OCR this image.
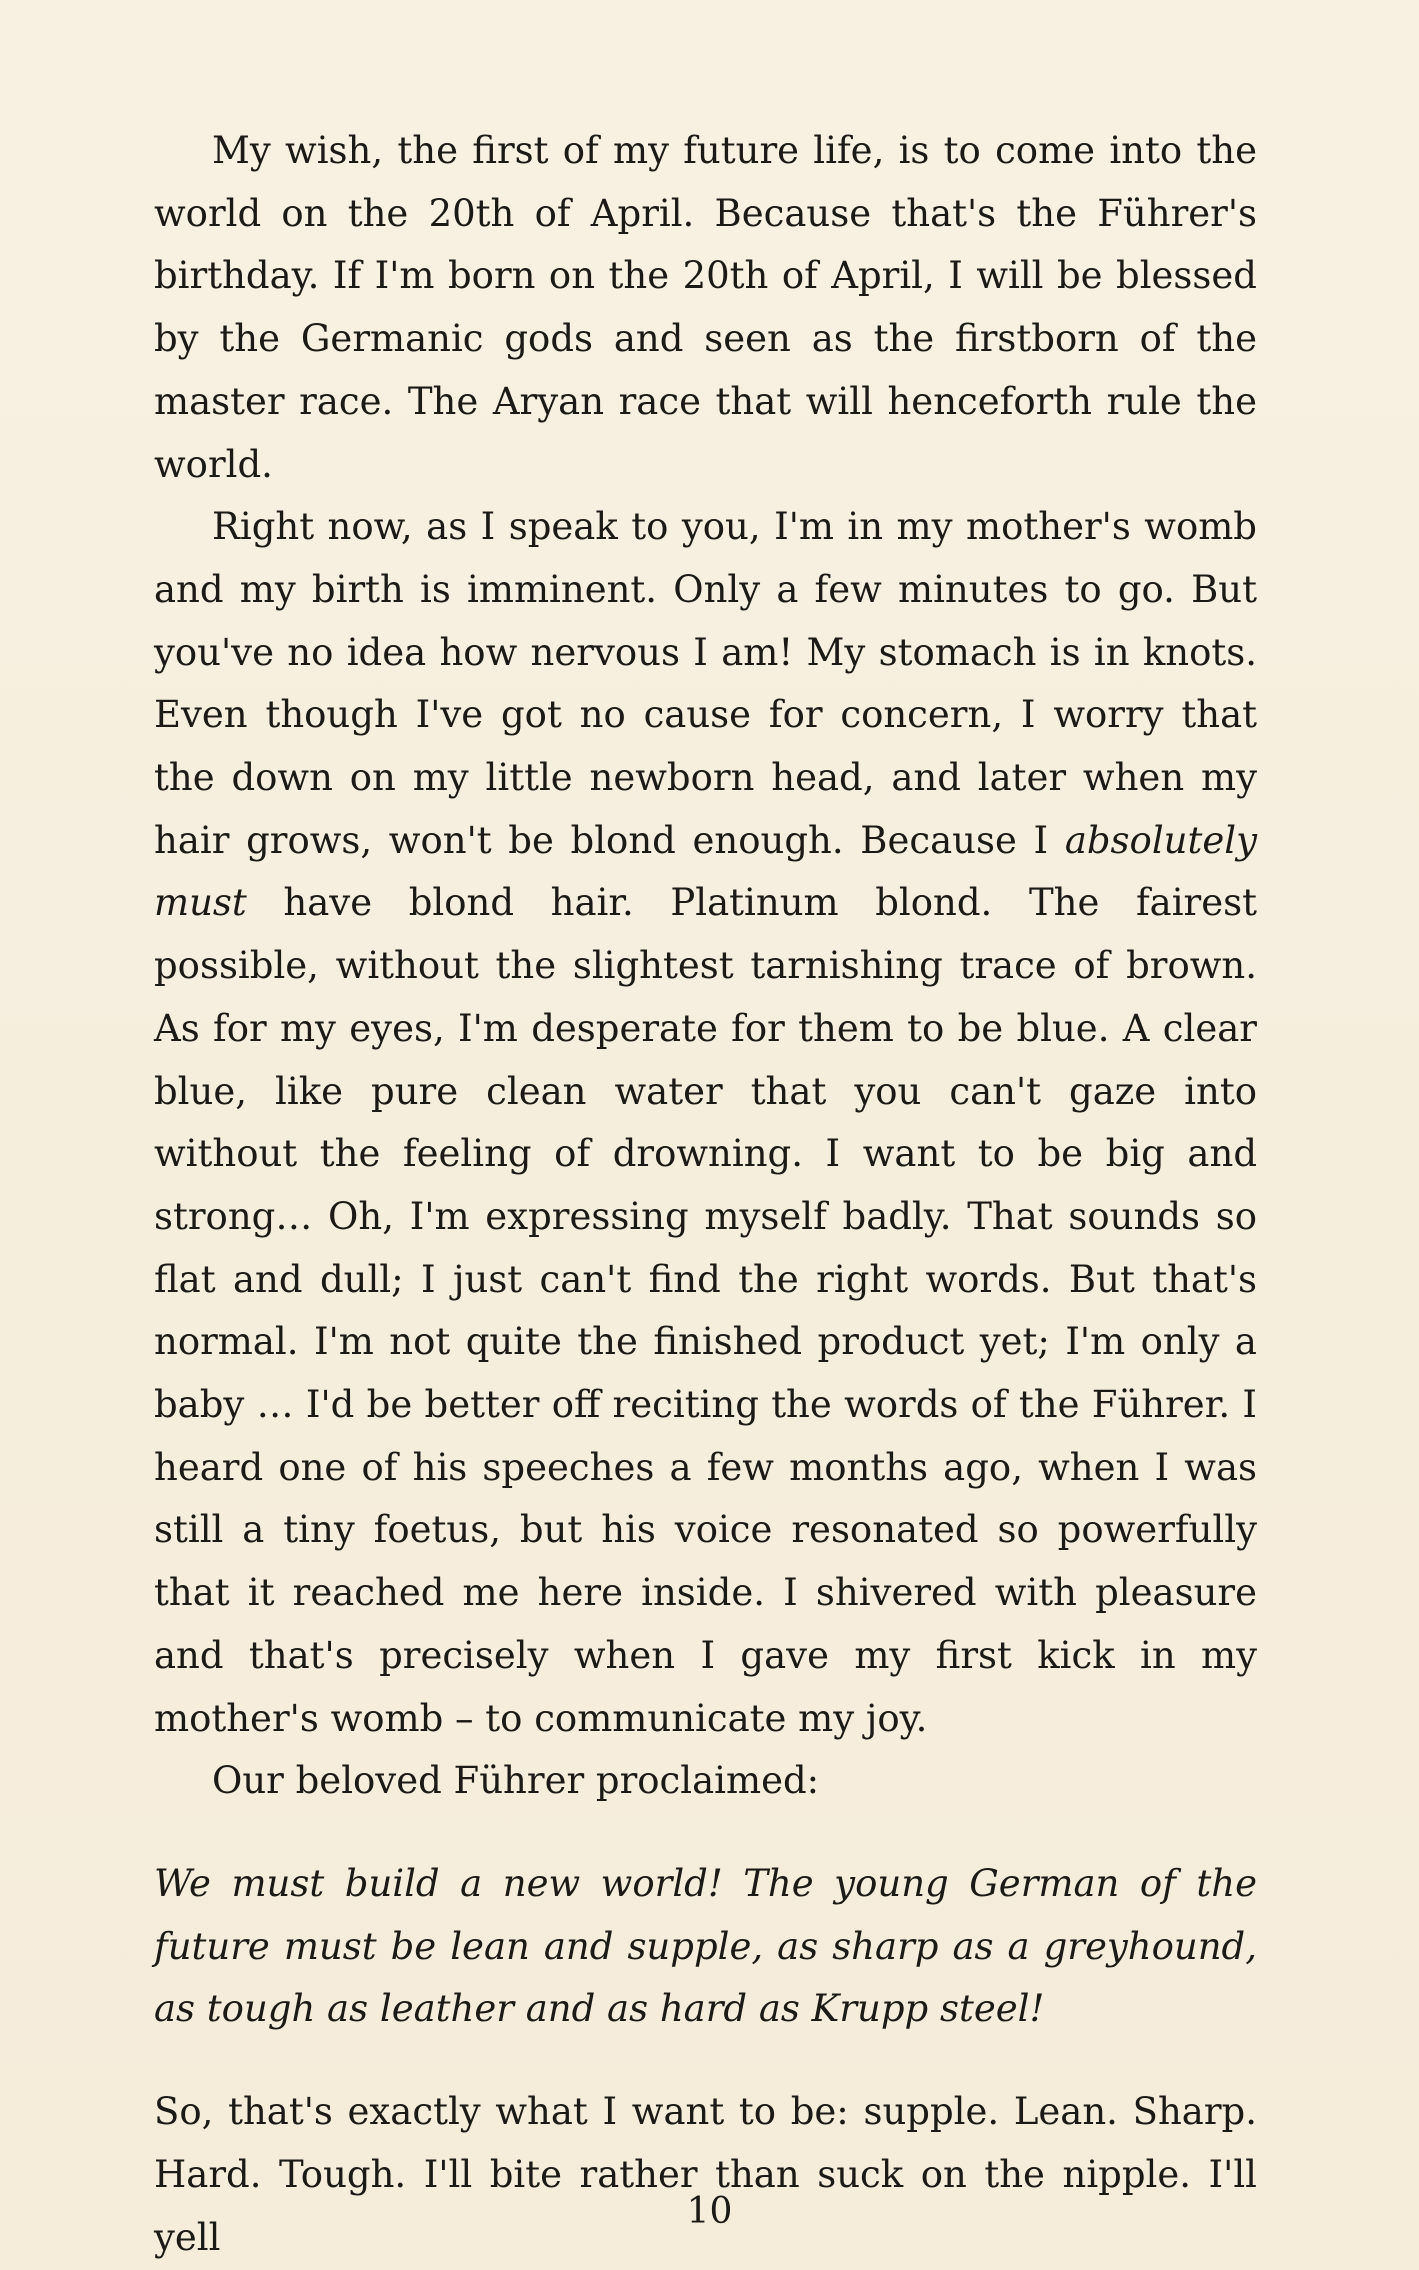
My wish, the first of my future life, is to come into the world on the 20th of April. Because that's the Führer's birthday. If I'm born on the 20th of April, I will be blessed by the Germanic gods and seen as the firstborn of the master race. The Aryan race that will henceforth rule the world.

Right now, as I speak to you, I'm in my mother's womb and my birth is imminent. Only a few minutes to go. But you've no idea how nervous I am! My stomach is in knots. Even though I've got no cause for concern, I worry that the down on my little newborn head, and later when my hair grows, won't be blond enough. Because I absolutely must have blond hair. Platinum blond. The fairest possible, without the slightest tarnishing trace of brown. As for my eyes, I'm desperate for them to be blue. A clear blue, like pure clean water that you can't gaze into without the feeling of drowning. I want to be big and strong… Oh, I'm expressing myself badly. That sounds so flat and dull; I just can't find the right words. But that's normal. I'm not quite the finished product yet; I'm only a baby … I'd be better off reciting the words of the Führer. I heard one of his speeches a few months ago, when I was still a tiny foetus, but his voice resonated so powerfully that it reached me here inside. I shivered with pleasure and that's precisely when I gave my first kick in my mother's womb – to communicate my joy.

Our beloved Führer proclaimed:

We must build a new world! The young German of the future must be lean and supple, as sharp as a greyhound, as tough as leather and as hard as Krupp steel!

So, that's exactly what I want to be: supple. Lean. Sharp. Hard. Tough. I'll bite rather than suck on the nipple. I'll yell

10
